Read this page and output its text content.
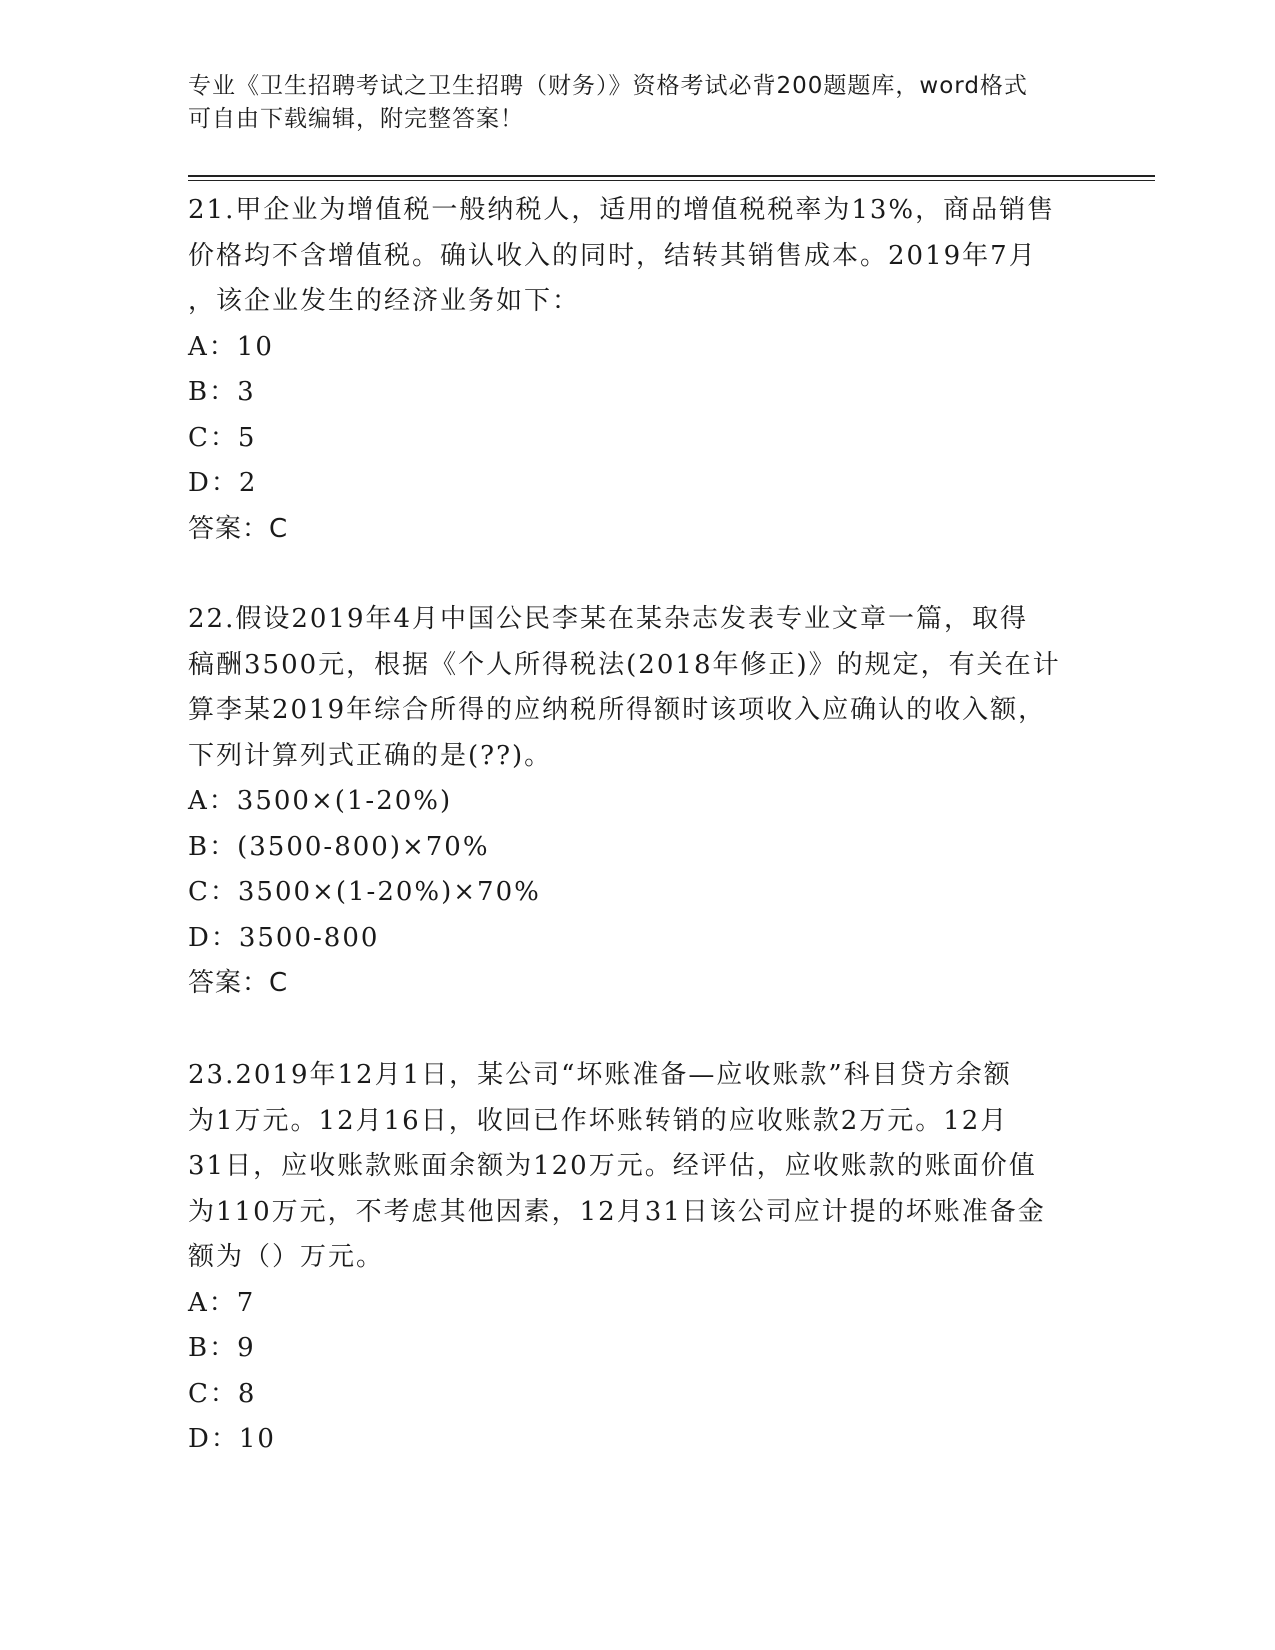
专业《卫生招聘考试之卫生招聘（财务）》资格考试必背200题题库，word格式
可自由下载编辑，附完整答案！

21.甲企业为增值税一般纳税人，适用的增值税税率为13%，商品销售

价格均不含增值税。确认收入的同时，结转其销售成本。2019年7月

，该企业发生的经济业务如下：

A：10

B：3

C：5

D：2

答案：C

22.假设2019年4月中国公民李某在某杂志发表专业文章一篇，取得

稿酬3500元，根据《个人所得税法(2018年修正)》的规定，有关在计

算李某2019年综合所得的应纳税所得额时该项收入应确认的收入额，

下列计算列式正确的是(??)。

A：3500×(1-20%)

B：(3500-800)×70%

C：3500×(1-20%)×70%

D：3500-800

答案：C

23.2019年12月1日，某公司“坏账准备—应收账款”科目贷方余额

为1万元。12月16日，收回已作坏账转销的应收账款2万元。12月

31日，应收账款账面余额为120万元。经评估，应收账款的账面价值

为110万元，不考虑其他因素，12月31日该公司应计提的坏账准备金

额为（）万元。

A：7

B：9

C：8

D：10
